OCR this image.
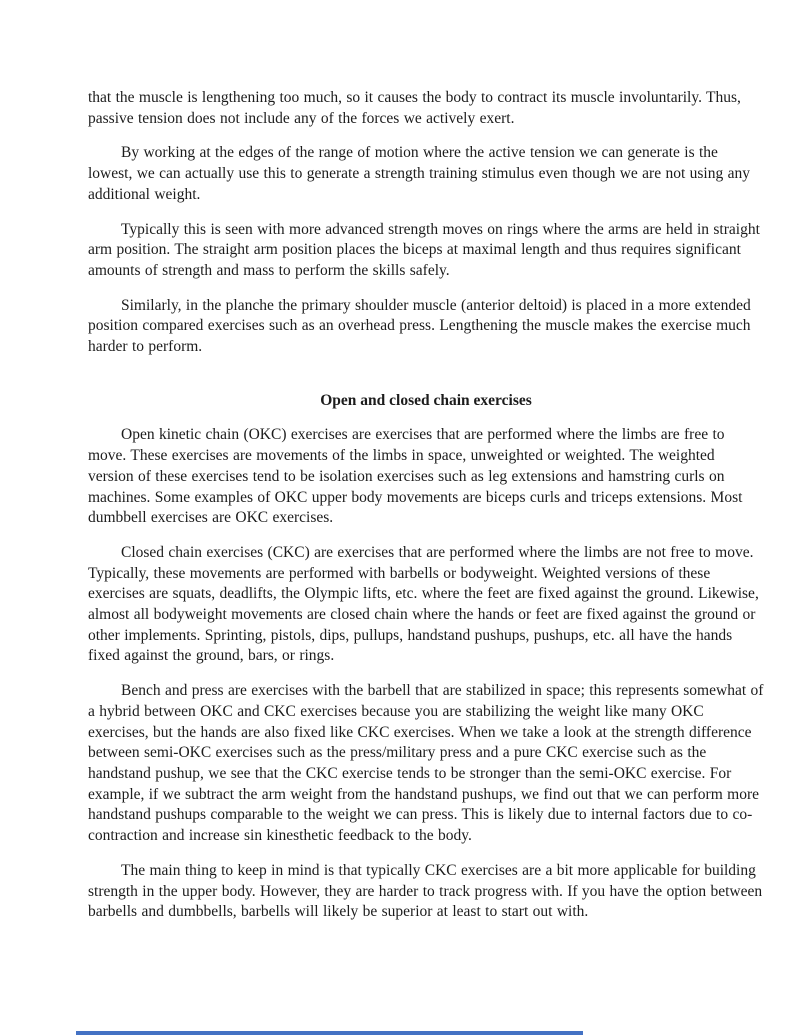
that the muscle is lengthening too much, so it causes the body to contract its muscle involuntarily. Thus, passive tension does not include any of the forces we actively exert.

By working at the edges of the range of motion where the active tension we can generate is the lowest, we can actually use this to generate a strength training stimulus even though we are not using any additional weight.

Typically this is seen with more advanced strength moves on rings where the arms are held in straight arm position. The straight arm position places the biceps at maximal length and thus requires significant amounts of strength and mass to perform the skills safely.

Similarly, in the planche the primary shoulder muscle (anterior deltoid) is placed in a more extended position compared exercises such as an overhead press. Lengthening the muscle makes the exercise much harder to perform.

Open and closed chain exercises

Open kinetic chain (OKC) exercises are exercises that are performed where the limbs are free to move. These exercises are movements of the limbs in space, unweighted or weighted. The weighted version of these exercises tend to be isolation exercises such as leg extensions and hamstring curls on machines. Some examples of OKC upper body movements are biceps curls and triceps extensions. Most dumbbell exercises are OKC exercises.

Closed chain exercises (CKC) are exercises that are performed where the limbs are not free to move. Typically, these movements are performed with barbells or bodyweight. Weighted versions of these exercises are squats, deadlifts, the Olympic lifts, etc. where the feet are fixed against the ground. Likewise, almost all bodyweight movements are closed chain where the hands or feet are fixed against the ground or other implements. Sprinting, pistols, dips, pullups, handstand pushups, pushups, etc. all have the hands fixed against the ground, bars, or rings.

Bench and press are exercises with the barbell that are stabilized in space; this represents somewhat of a hybrid between OKC and CKC exercises because you are stabilizing the weight like many OKC exercises, but the hands are also fixed like CKC exercises. When we take a look at the strength difference between semi-OKC exercises such as the press/military press and a pure CKC exercise such as the handstand pushup, we see that the CKC exercise tends to be stronger than the semi-OKC exercise. For example, if we subtract the arm weight from the handstand pushups, we find out that we can perform more handstand pushups comparable to the weight we can press. This is likely due to internal factors due to co-contraction and increase sin kinesthetic feedback to the body.

The main thing to keep in mind is that typically CKC exercises are a bit more applicable for building strength in the upper body. However, they are harder to track progress with. If you have the option between barbells and dumbbells, barbells will likely be superior at least to start out with.
